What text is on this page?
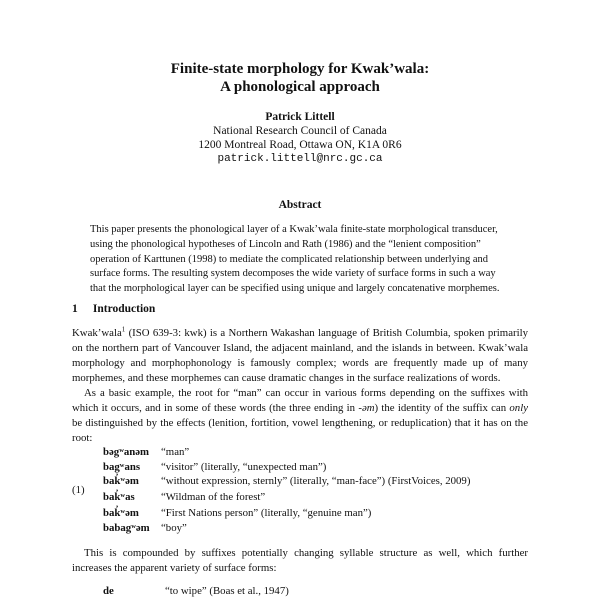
Finite-state morphology for Kwak’wala:
A phonological approach
Patrick Littell
National Research Council of Canada
1200 Montreal Road, Ottawa ON, K1A 0R6
patrick.littell@nrc.gc.ca
Abstract
This paper presents the phonological layer of a Kwak’wala finite-state morphological transducer,
using the phonological hypotheses of Lincoln and Rath (1986) and the “lenient composition”
operation of Karttunen (1998) to mediate the complicated relationship between underlying and
surface forms. The resulting system decomposes the wide variety of surface forms in such a way
that the morphological layer can be specified using unique and largely concatenative morphemes.
1 Introduction
Kwak’wala$^1$ (ISO 639-3: kwk) is a Northern Wakashan language of British Columbia, spoken primarily on the northern part of Vancouver Island, the adjacent mainland, and the islands in between. Kwak’wala morphology and morphophonology is famously complex; words are frequently made up of many morphemes, and these morphemes can cause dramatic changes in the surface realizations of words.
As a basic example, the root for “man” can occur in various forms depending on the suffixes with which it occurs, and in some of these words (the three ending in -əm) the identity of the suffix can only be distinguished by the effects (lenition, fortition, vowel lengthening, or reduplication) that it has on the root:
(1)
bəgʷanəm “man”
bagʷans “visitor” (literally, “unexpected man”)
bak̓ʷəm “without expression, sternly” (literally, “man-face”) (FirstVoices, 2009)
bak̓ʷas “Wildman of the forest”
bak̓ʷəm “First Nations person” (literally, “genuine man”)
babagʷəm “boy”
This is compounded by suffixes potentially changing syllable structure as well, which further increases the apparent variety of surface forms:
de	“to wipe” (Boas et al., 1947)
